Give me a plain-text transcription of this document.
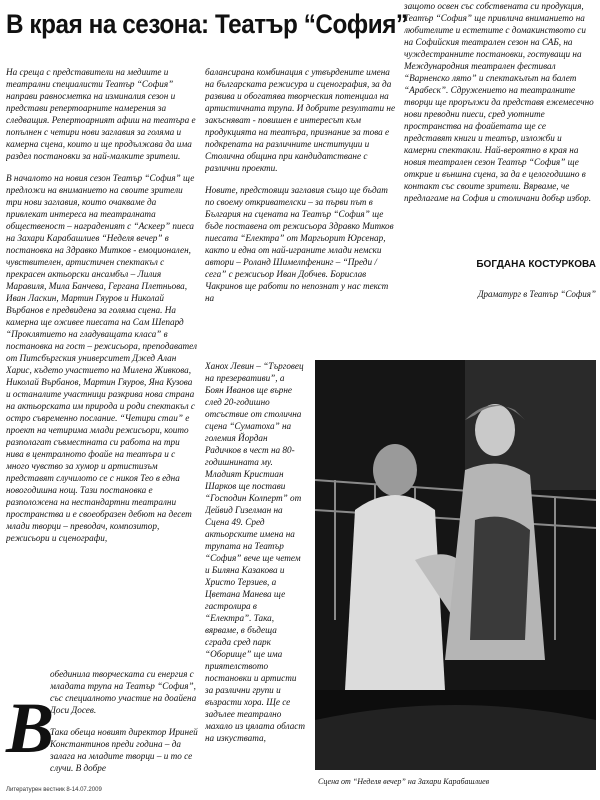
В края на сезона: Театър “София”

На среща с представители на медиите и театрални специалисти Театър “София” направи равносметка на изминалия сезон и представи репертоарните намерения за следващия. Репертоарният афиш на театъра е попълнен с четири нови заглавия за голяма и камерна сцена, които и ще продължава да има раздел постановки за най-малките зрители.

В началото на новия сезон Театър “София” ще предложи на вниманието на своите зрители три нови заглавия, които очакваме да привлекат интереса на театралната общественост – награденият с “Аскеер” пиеса на Захари Карабашлиев “Неделя вечер” в постановка на Здравко Митков - емоционален, чувствителен, артистичен спектакъл с прекрасен актьорски ансамбъл – Лилия Маравиля, Мила Банчева, Гергана Плетньова, Иван Ласкин, Мартин Гяуров и Николай Върбанов е предвидена за голяма сцена. На камерна ще оживее пиесата на Сам Шепард “Проклятието на гладуващата класа” в постановка на гост – режисьора, преподавател от Питсбъргския университет Джед Алан Харис, където участието на Милена Живкова, Николай Върбанов, Мартин Гяуров, Яна Кузова и останалите участници разкрива нова страна на актьорската им природа и роди спектакъл с остро съвременно послание. “Четири стаи” е проект на четирима млади режисьори, които разполагат съвместната си работа на три нива в централното фоайе на театъра и с много чувство за хумор и артистизъм представят случилото се с никоя Тео в една новогодишна нощ. Тази постановка е разположена на нестандартни театрални пространства и е своеобразен дебют на десет млади творци – преводач, композитор, режисьори и сценографи,

обединила творческата си енергия с младата трупа на Театър “София”, със специалното участие на доайена Доси Досев.

Така обеща новият директор Ириней Константинов преди година – да залага на младите творци – и то се случи. В добре

В
Литературен вестник 8-14.07.2009

балансирана комбинация с утвърдените имена на българската режисура и сценография, за да развива и обогатява творческия потенциал на артистичната трупа. И добрите резултати не закъсняват - повишен е интересът към продукцията на театъра, признание за това е подкрепата на различните институции и Столична община при кандидатстване с различни проекти.

Новите, предстоящи заглавия също ще бъдат по своему откривателски – за първи път в България на сцената на Театър “София” ще бъде поставена от режисьора Здравко Митков пиесата “Електра” от Маргьорит Юрсенар, както и една от най-играните млади немски автори – Роланд Шимелпфенинг – “Преди / сега” с режисьор Иван Добчев. Борислав Чакринов ще работи по непознат у нас текст на

Ханох Левин – “Търговец на презервативи”, а Боян Иванов ще върне след 20-годишно отсъствие от столична сцена “Суматоха” на големия Йордан Радичков в чест на 80-годишнината му. Младият Кристиан Шарков ще постави “Господин Колперт” от Дейвид Гизелман на Сцена 49. Сред актьорските имена на трупата на Театър “София” вече ще четем и Биляна Казакова и Христо Терзиев, а Цветана Манева ще гастролира в “Електра”. Така, вярваме, в бъдеща сграда сред парк “Оборище” ще има приятелството постановки и артисти за различни групи и възрасти хора. Ще се задълее театрално махало из цялата област на изкуствата,

защото освен със собствената си продукция, Театър “София” ще привлича вниманието на любителите и естетите с домакинството си на Софийския театрален сезон на САБ, на чуждестранните постановки, гостуващи на Международния театрален фестивал “Варненско лято” и спектакълът на балет “Арабеск”. Сдружението на театралните творци ще прорължи да представя ежемесечно нови преводни пиеси, сред уютните пространства на фоайетата ще се представят книги и театър, изложби и камерни спектакли. Най-вероятно в края на новия театрален сезон Театър “София” ще открие и външна сцена, за да е целогодишно в контакт със своите зрители. Вярваме, че предлагаме на София и столичани добър избор.

БОГДАНА КОСТУРКОВА
Драматург в Театър “София”
Сцена от “Неделя вечер” на Захари Карабашлиев
